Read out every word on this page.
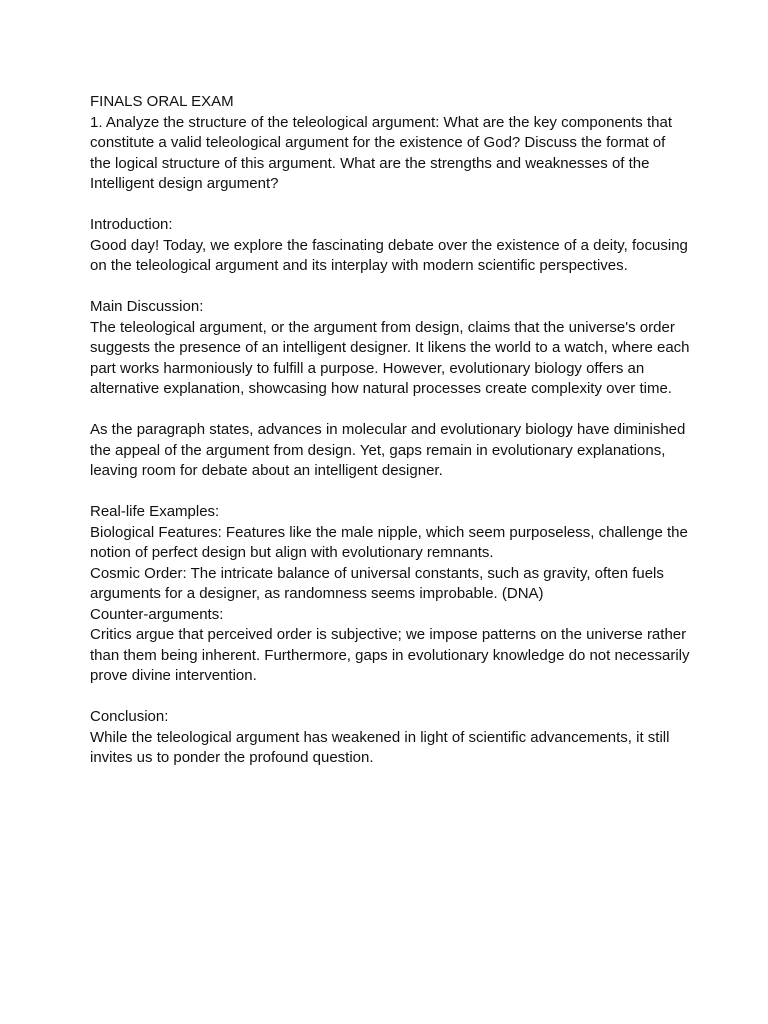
FINALS ORAL EXAM

1. Analyze the structure of the teleological argument: What are the key components that constitute a valid teleological argument for the existence of God? Discuss the format of the logical structure of this argument. What are the strengths and weaknesses of the Intelligent design argument?

Introduction:

Good day! Today, we explore the fascinating debate over the existence of a deity, focusing on the teleological argument and its interplay with modern scientific perspectives.

Main Discussion:

The teleological argument, or the argument from design, claims that the universe's order suggests the presence of an intelligent designer. It likens the world to a watch, where each part works harmoniously to fulfill a purpose. However, evolutionary biology offers an alternative explanation, showcasing how natural processes create complexity over time.

As the paragraph states, advances in molecular and evolutionary biology have diminished the appeal of the argument from design. Yet, gaps remain in evolutionary explanations, leaving room for debate about an intelligent designer.

Real-life Examples:

Biological Features: Features like the male nipple, which seem purposeless, challenge the notion of perfect design but align with evolutionary remnants.

Cosmic Order: The intricate balance of universal constants, such as gravity, often fuels arguments for a designer, as randomness seems improbable. (DNA)

Counter-arguments:

Critics argue that perceived order is subjective; we impose patterns on the universe rather than them being inherent. Furthermore, gaps in evolutionary knowledge do not necessarily prove divine intervention.

Conclusion:

While the teleological argument has weakened in light of scientific advancements, it still invites us to ponder the profound question.
